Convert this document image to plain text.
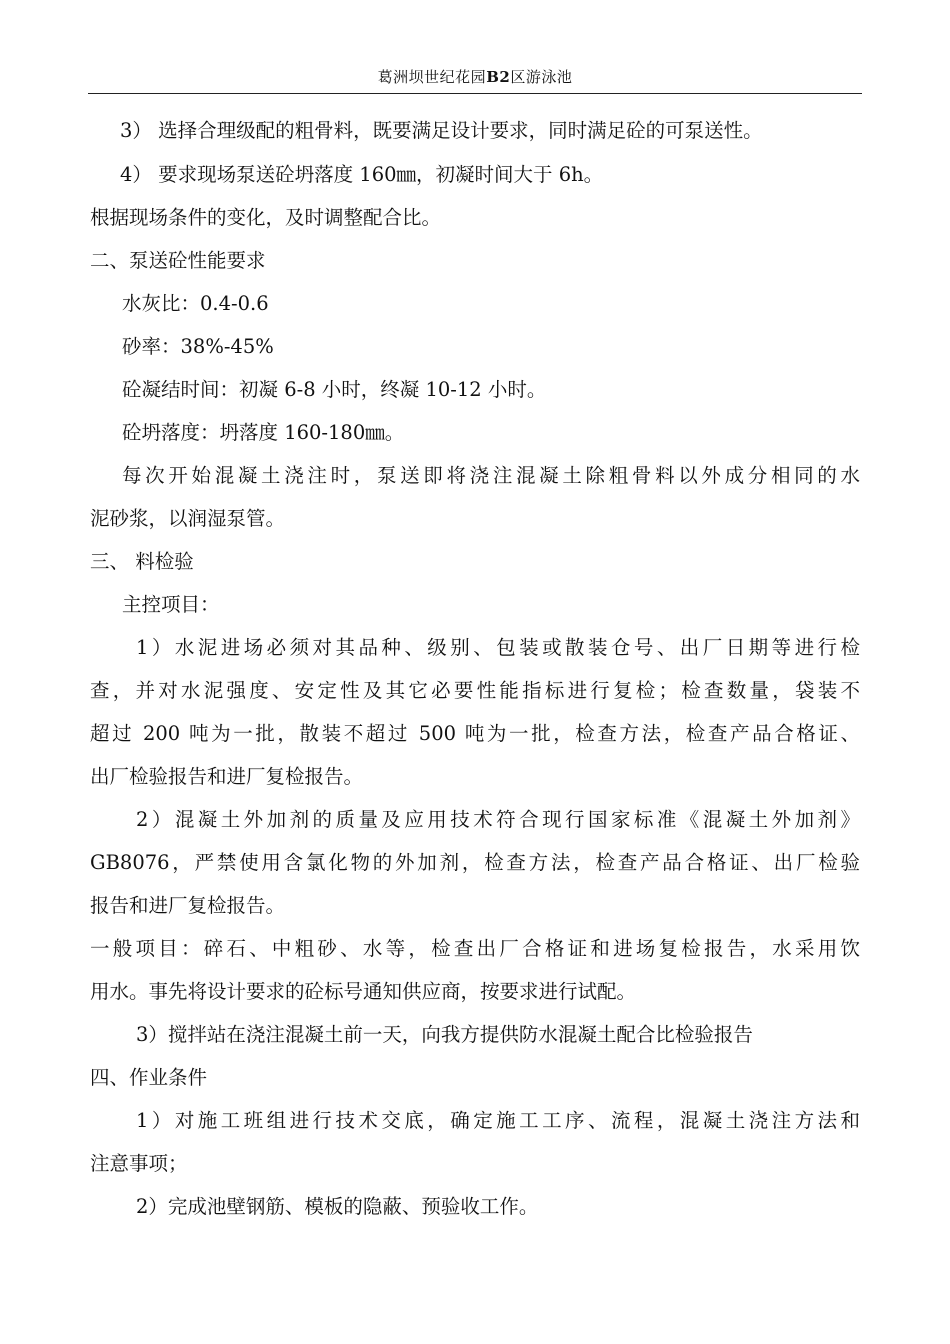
葛洲坝世纪花园B2区游泳池
3） 选择合理级配的粗骨料，既要满足设计要求，同时满足砼的可泵送性。
4） 要求现场泵送砼坍落度 160㎜，初凝时间大于 6h。
根据现场条件的变化，及时调整配合比。
二、泵送砼性能要求
水灰比：0.4-0.6
砂率：38%-45%
砼凝结时间：初凝 6-8 小时，终凝 10-12 小时。
砼坍落度：坍落度 160-180㎜。
每次开始混凝土浇注时，泵送即将浇注混凝土除粗骨料以外成分相同的水
泥砂浆，以润湿泵管。
三、 料检验
主控项目：
1）水泥进场必须对其品种、级别、包装或散装仓号、出厂日期等进行检
查，并对水泥强度、安定性及其它必要性能指标进行复检；检查数量，袋装不
超过 200 吨为一批，散装不超过 500 吨为一批，检查方法，检查产品合格证、
出厂检验报告和进厂复检报告。
2）混凝土外加剂的质量及应用技术符合现行国家标准《混凝土外加剂》
GB8076，严禁使用含氯化物的外加剂，检查方法，检查产品合格证、出厂检验
报告和进厂复检报告。
一般项目：碎石、中粗砂、水等，检查出厂合格证和进场复检报告，水采用饮
用水。事先将设计要求的砼标号通知供应商，按要求进行试配。
3）搅拌站在浇注混凝土前一天，向我方提供防水混凝土配合比检验报告
四、作业条件
1）对施工班组进行技术交底，确定施工工序、流程，混凝土浇注方法和
注意事项；
2）完成池壁钢筋、模板的隐蔽、预验收工作。
